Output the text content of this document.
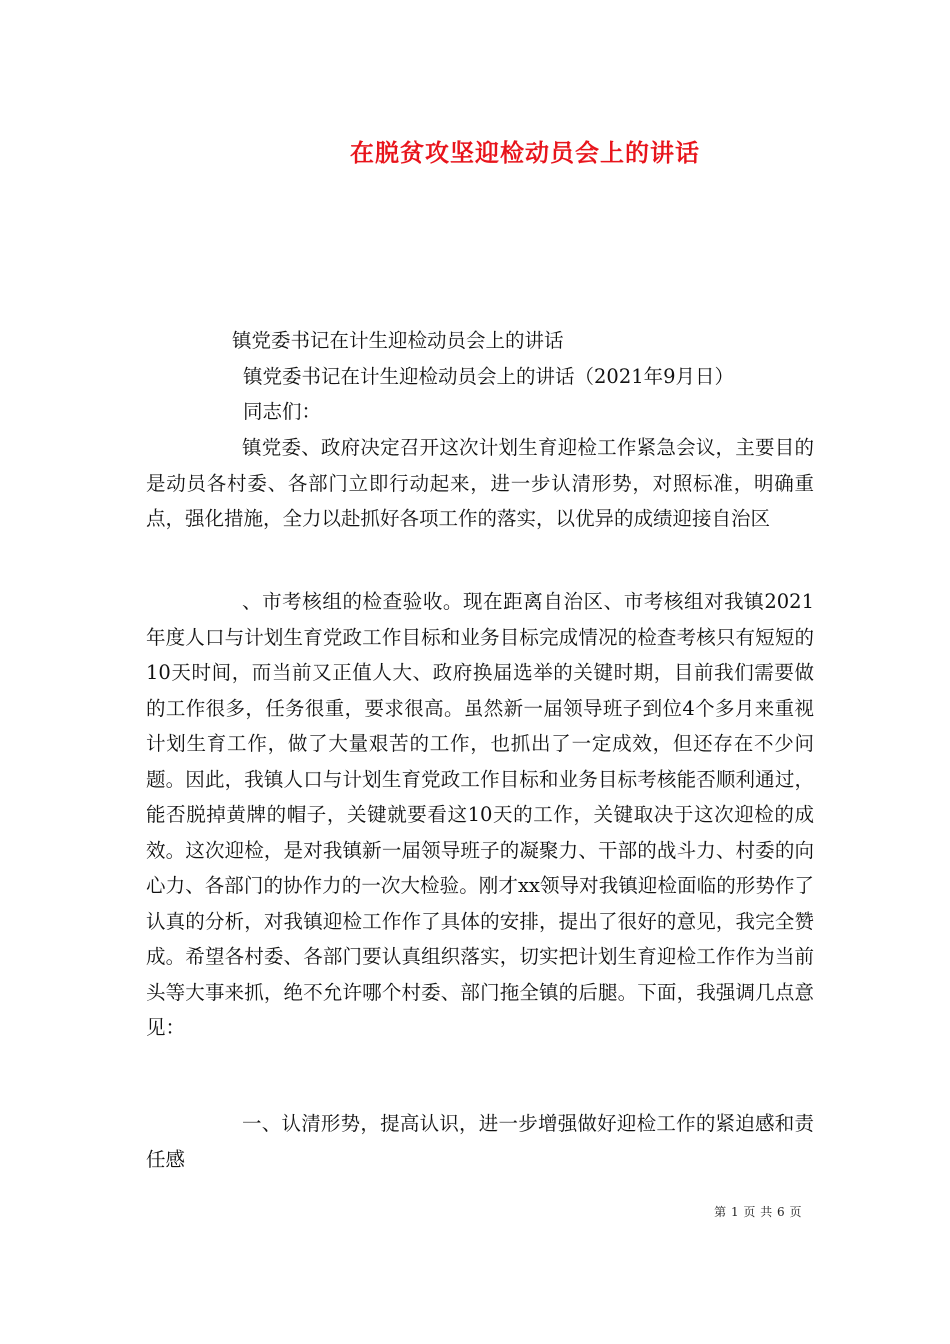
在脱贫攻坚迎检动员会上的讲话

镇党委书记在计生迎检动员会上的讲话

镇党委书记在计生迎检动员会上的讲话（2021年9月日）

同志们：

镇党委、政府决定召开这次计划生育迎检工作紧急会议，主要目的是动员各村委、各部门立即行动起来，进一步认清形势，对照标准，明确重点，强化措施，全力以赴抓好各项工作的落实，以优异的成绩迎接自治区

、市考核组的检查验收。现在距离自治区、市考核组对我镇2021年度人口与计划生育党政工作目标和业务目标完成情况的检查考核只有短短的10天时间，而当前又正值人大、政府换届选举的关键时期，目前我们需要做的工作很多，任务很重，要求很高。虽然新一届领导班子到位4个多月来重视计划生育工作，做了大量艰苦的工作，也抓出了一定成效，但还存在不少问题。因此，我镇人口与计划生育党政工作目标和业务目标考核能否顺利通过，能否脱掉黄牌的帽子，关键就要看这10天的工作，关键取决于这次迎检的成效。这次迎检，是对我镇新一届领导班子的凝聚力、干部的战斗力、村委的向心力、各部门的协作力的一次大检验。刚才xx领导对我镇迎检面临的形势作了认真的分析，对我镇迎检工作作了具体的安排，提出了很好的意见，我完全赞成。希望各村委、各部门要认真组织落实，切实把计划生育迎检工作作为当前头等大事来抓，绝不允许哪个村委、部门拖全镇的后腿。下面，我强调几点意见：

一、认清形势，提高认识，进一步增强做好迎检工作的紧迫感和责任感

第 1 页 共 6 页
